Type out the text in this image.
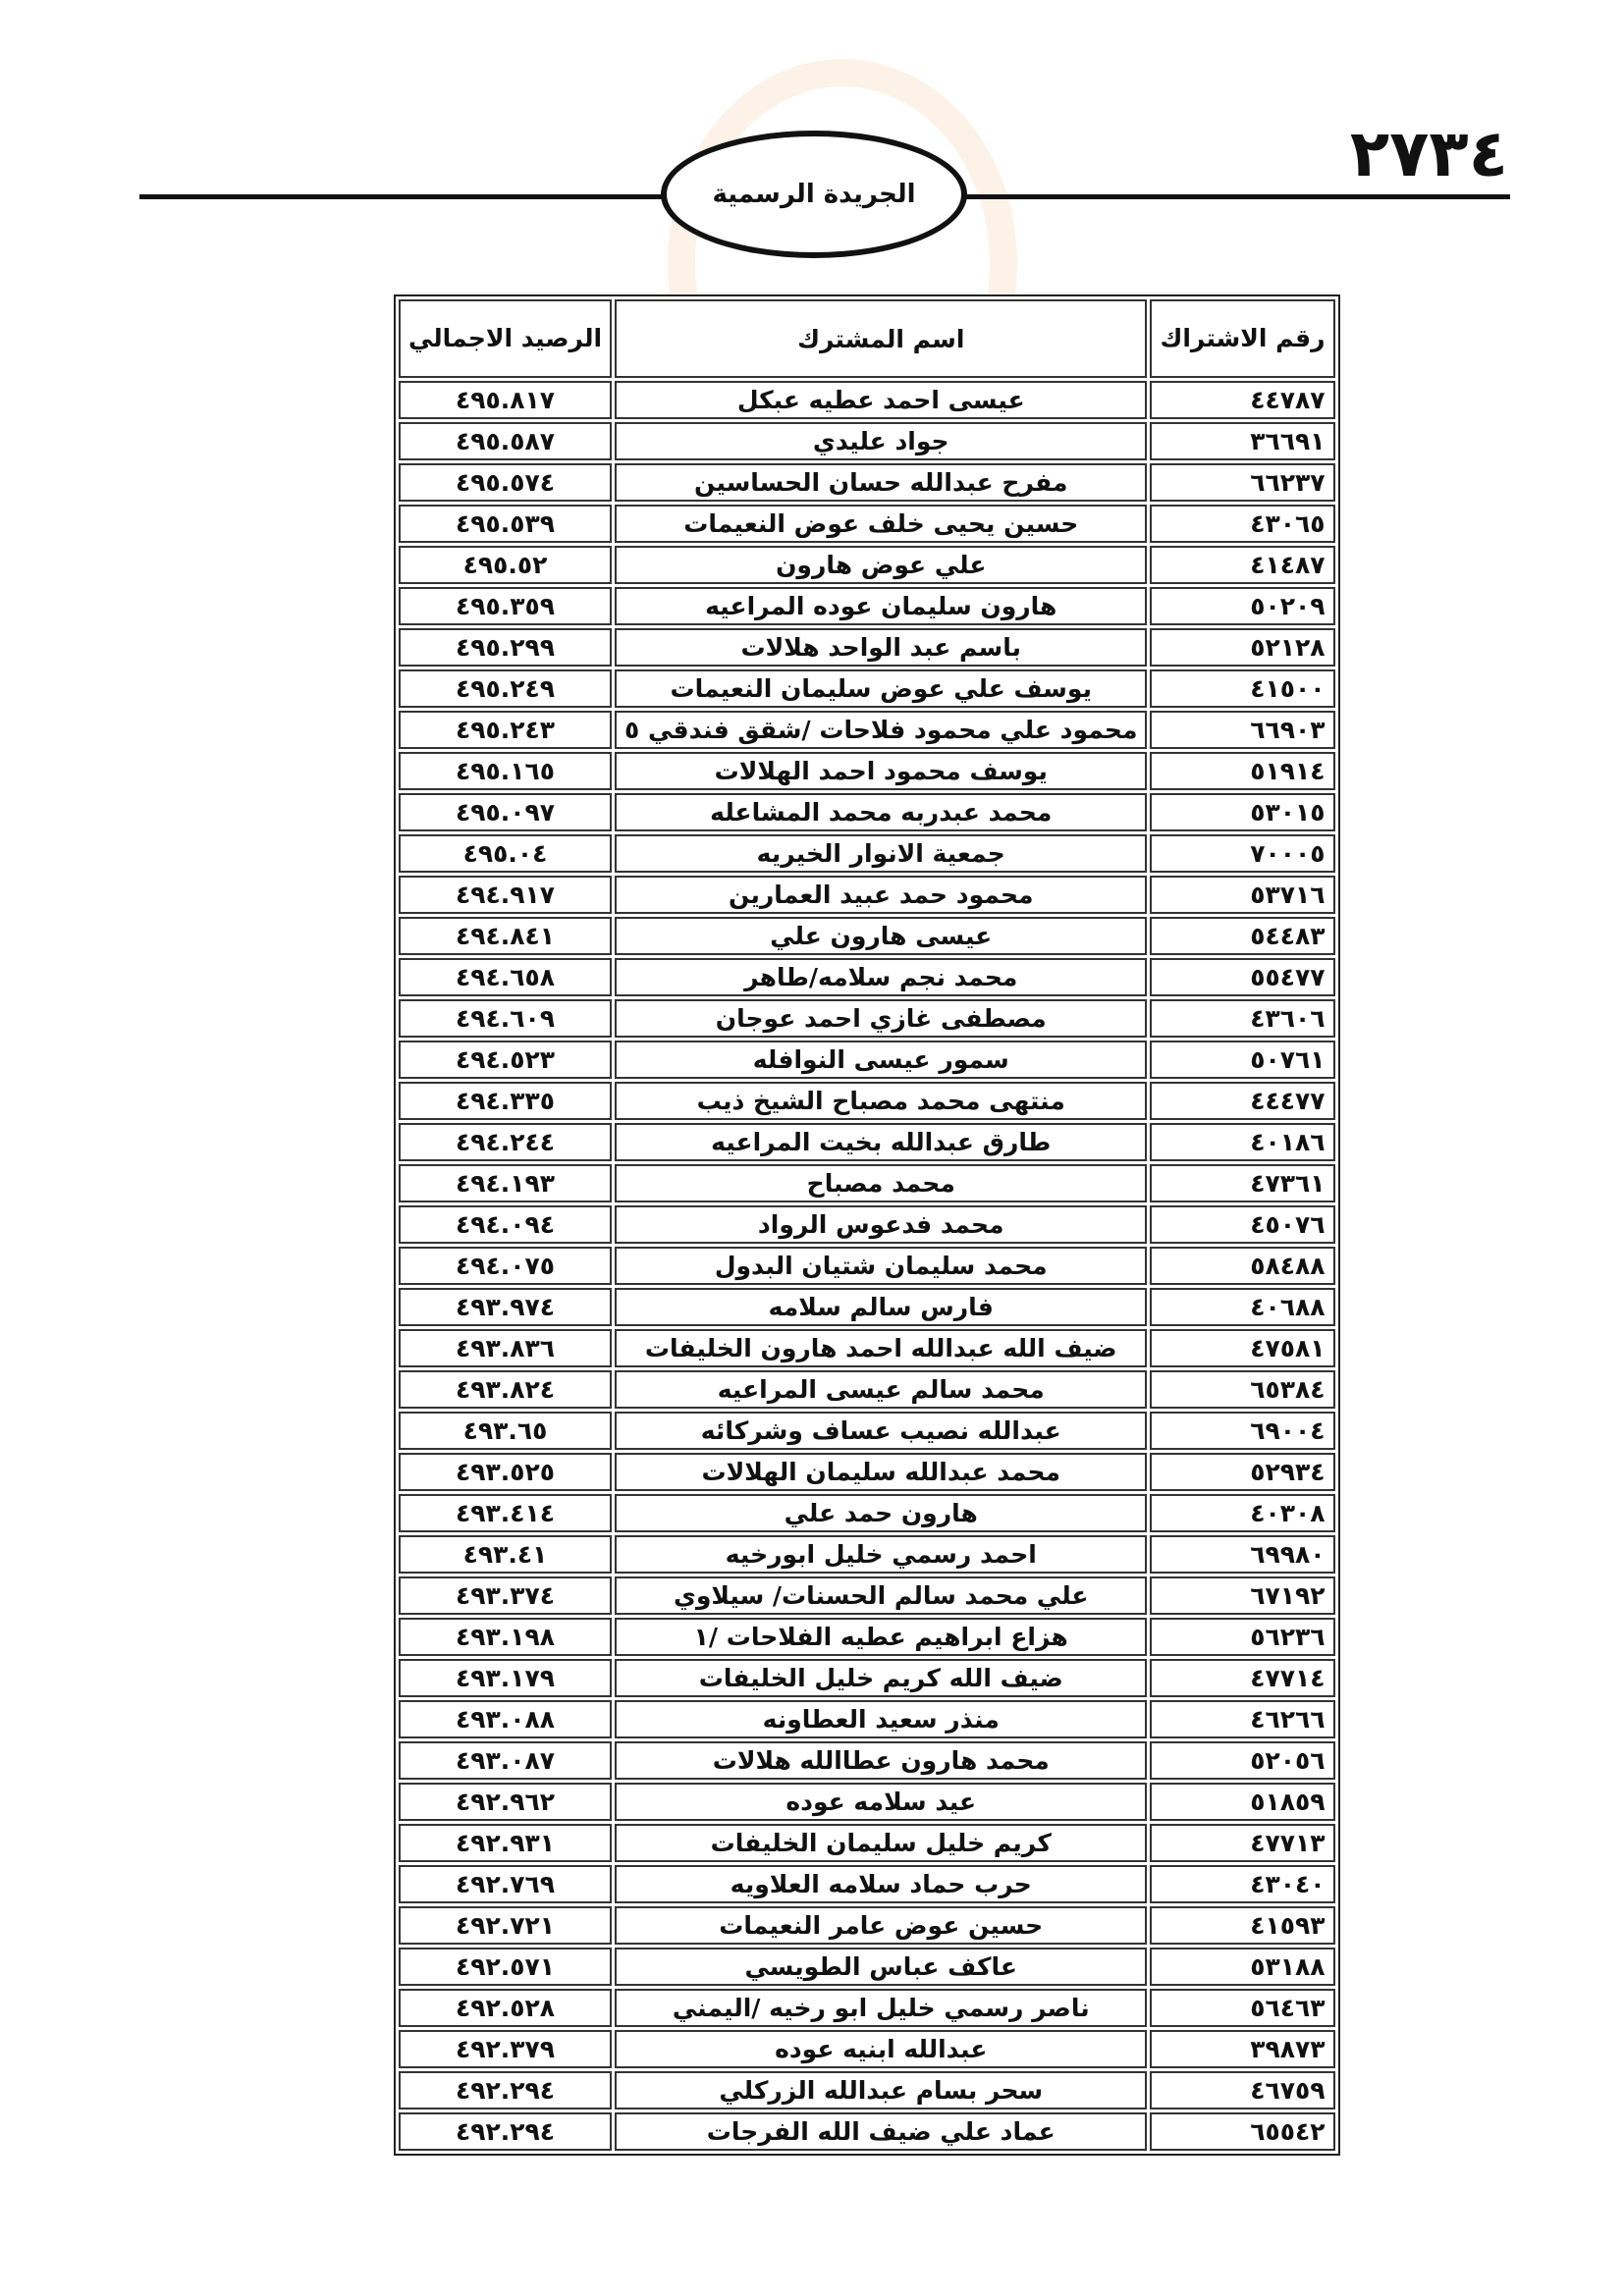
٢٧٣٤
الجريدة الرسمية
رقم الاشتراك	اسم المشترك	الرصيد الاجمالي
٤٤٧٨٧	عيسى احمد عطيه عبكل	٤٩٥.٨١٧
٣٦٦٩١	جواد عليدي	٤٩٥.٥٨٧
٦٦٢٣٧	مفرح عبدالله حسان الحساسين	٤٩٥.٥٧٤
٤٣٠٦٥	حسين يحيى خلف عوض النعيمات	٤٩٥.٥٣٩
٤١٤٨٧	علي عوض هارون	٤٩٥.٥٢
٥٠٢٠٩	هارون سليمان عوده المراعيه	٤٩٥.٣٥٩
٥٢١٢٨	باسم عبد الواحد هلالات	٤٩٥.٢٩٩
٤١٥٠٠	يوسف علي عوض سليمان النعيمات	٤٩٥.٢٤٩
٦٦٩٠٣	محمود علي محمود فلاحات /شقق فندقي ٥	٤٩٥.٢٤٣
٥١٩١٤	يوسف محمود احمد الهلالات	٤٩٥.١٦٥
٥٣٠١٥	محمد عبدربه محمد المشاعله	٤٩٥.٠٩٧
٧٠٠٠٥	جمعية الانوار الخيريه	٤٩٥.٠٤
٥٣٧١٦	محمود حمد عبيد العمارين	٤٩٤.٩١٧
٥٤٤٨٣	عيسى هارون علي	٤٩٤.٨٤١
٥٥٤٧٧	محمد نجم سلامه/طاهر	٤٩٤.٦٥٨
٤٣٦٠٦	مصطفى غازي احمد عوجان	٤٩٤.٦٠٩
٥٠٧٦١	سمور عيسى النوافله	٤٩٤.٥٢٣
٤٤٤٧٧	منتهى محمد مصباح الشيخ ذيب	٤٩٤.٣٣٥
٤٠١٨٦	طارق عبدالله بخيت المراعيه	٤٩٤.٢٤٤
٤٧٣٦١	محمد مصباح	٤٩٤.١٩٣
٤٥٠٧٦	محمد فدعوس الرواد	٤٩٤.٠٩٤
٥٨٤٨٨	محمد سليمان شتيان البدول	٤٩٤.٠٧٥
٤٠٦٨٨	فارس سالم سلامه	٤٩٣.٩٧٤
٤٧٥٨١	ضيف الله عبدالله احمد هارون الخليفات	٤٩٣.٨٣٦
٦٥٣٨٤	محمد سالم عيسى المراعيه	٤٩٣.٨٢٤
٦٩٠٠٤	عبدالله نصيب عساف وشركائه	٤٩٣.٦٥
٥٢٩٣٤	محمد عبدالله سليمان الهلالات	٤٩٣.٥٢٥
٤٠٣٠٨	هارون حمد علي	٤٩٣.٤١٤
٦٩٩٨٠	احمد رسمي خليل ابورخيه	٤٩٣.٤١
٦٧١٩٢	علي محمد سالم الحسنات/ سيلاوي	٤٩٣.٣٧٤
٥٦٢٣٦	هزاع ابراهيم عطيه الفلاحات /١	٤٩٣.١٩٨
٤٧٧١٤	ضيف الله كريم خليل الخليفات	٤٩٣.١٧٩
٤٦٢٦٦	منذر سعيد العطاونه	٤٩٣.٠٨٨
٥٢٠٥٦	محمد هارون عطاالله هلالات	٤٩٣.٠٨٧
٥١٨٥٩	عيد سلامه عوده	٤٩٢.٩٦٢
٤٧٧١٣	كريم خليل سليمان الخليفات	٤٩٢.٩٣١
٤٣٠٤٠	حرب حماد سلامه العلاويه	٤٩٢.٧٦٩
٤١٥٩٣	حسين عوض عامر النعيمات	٤٩٢.٧٢١
٥٣١٨٨	عاكف عباس الطويسي	٤٩٢.٥٧١
٥٦٤٦٣	ناصر رسمي خليل ابو رخيه /اليمني	٤٩٢.٥٢٨
٣٩٨٧٣	عبدالله ابنيه عوده	٤٩٢.٣٧٩
٤٦٧٥٩	سحر بسام عبدالله الزركلي	٤٩٢.٢٩٤
٦٥٥٤٢	عماد علي ضيف الله الفرجات	٤٩٢.٢٩٤
